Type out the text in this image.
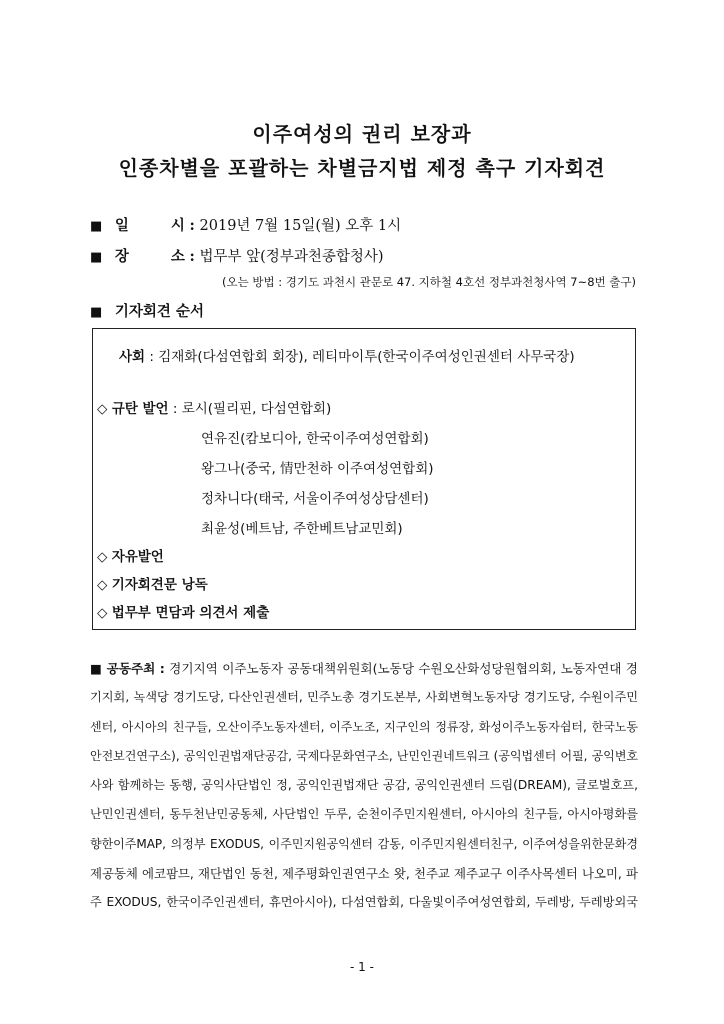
이주여성의 권리 보장과
인종차별을 포괄하는 차별금지법 제정 촉구 기자회견
■ 일	시 : 2019년 7월 15일(월) 오후 1시
■ 장	소 : 법무부 앞(정부과천종합청사)
(오는 방법 : 경기도 과천시 관문로 47. 지하철 4호선 정부과천청사역 7~8번 출구)
■ 기자회견 순서
사회 : 김재화(다섬연합회 회장), 레티마이투(한국이주여성인권센터 사무국장)
◇ 규탄 발언 : 로시(필리핀, 다섬연합회)
연유진(캄보디아, 한국이주여성연합회)
왕그나(중국, 情만천하 이주여성연합회)
정차니다(태국, 서울이주여성상담센터)
최윤성(베트남, 주한베트남교민회)
◇ 자유발언
◇ 기자회견문 낭독
◇ 법무부 면담과 의견서 제출
■ 공동주최 : 경기지역 이주노동자 공동대책위원회(노동당 수원오산화성당원협의회, 노동자연대 경
기지회, 녹색당 경기도당, 다산인권센터, 민주노총 경기도본부, 사회변혁노동자당 경기도당, 수원이주민
센터, 아시아의 친구들, 오산이주노동자센터, 이주노조, 지구인의 정류장, 화성이주노동자쉼터, 한국노동
안전보건연구소), 공익인권법재단공감, 국제다문화연구소, 난민인권네트워크 (공익법센터 어필, 공익변호
사와 함께하는 동행, 공익사단법인 정, 공익인권법재단 공감, 공익인권센터 드림(DREAM), 글로벌호프,
난민인권센터, 동두천난민공동체, 사단법인 두루, 순천이주민지원센터, 아시아의 친구들, 아시아평화를
향한이주MAP, 의정부 EXODUS, 이주민지원공익센터 감동, 이주민지원센터친구, 이주여성을위한문화경
제공동체 에코팜므, 재단법인 동천, 제주평화인권연구소 왓, 천주교 제주교구 이주사목센터 나오미, 파
주 EXODUS, 한국이주인권센터, 휴먼아시아), 다섬연합회, 다울빛이주여성연합회, 두레방, 두레방외국
- 1 -
